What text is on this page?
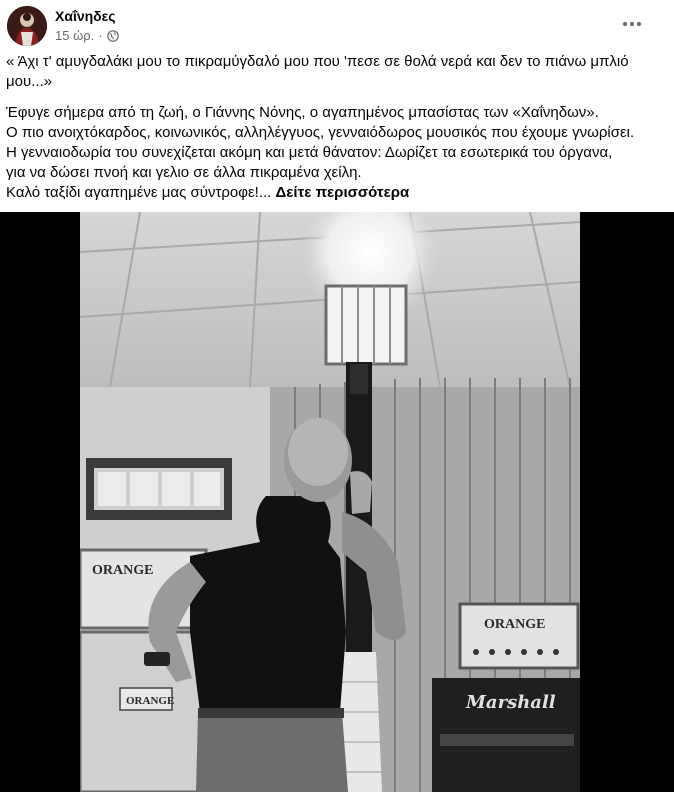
Χαΐνηδες
15 ώρ. ·

« Άχι τ' αμυγδαλάκι μου το πικραμύγδαλό μου που 'πεσε σε θολά νερά και δεν το πιάνω μπλιό μου...»

Έφυγε σήμερα από τη ζωή, ο Γιάννης Νόνης, ο αγαπημένος μπασίστας των «Χαΐνηδων».

Ο πιο ανοιχτόκαρδος, κοινωνικός, αλληλέγγυος, γενναιόδωρος μουσικός που έχουμε γνωρίσει.

Η γενναιοδωρία του συνεχίζεται ακόμη και μετά θάνατον: Δωρίζετ τα εσωτερικά του όργανα,

για να δώσει πνοή και γελιο σε άλλα πικραμένα χείλη.

Καλό ταξίδι αγαπημένε μας σύντροφε!... Δείτε περισσότερα

ORANGE
ORANGE
ORANGE
Marshall
